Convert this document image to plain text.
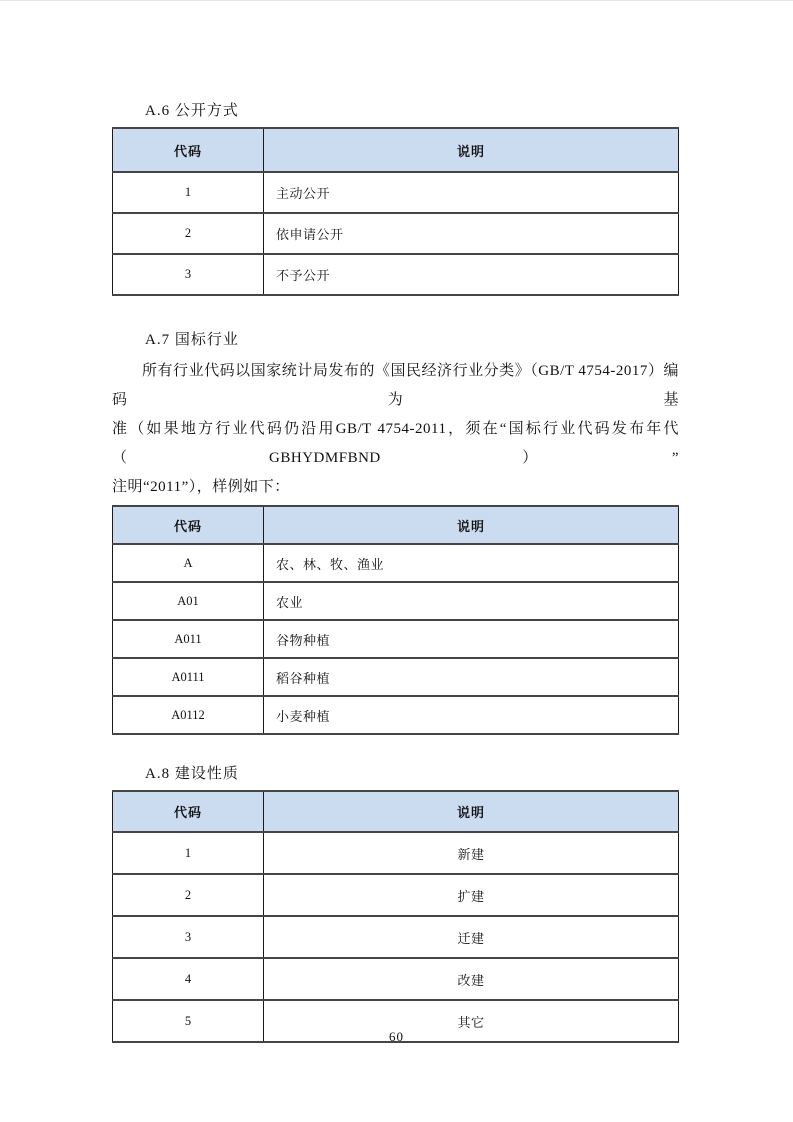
A.6 公开方式
代码	说明
1	主动公开
2	依申请公开
3	不予公开
A.7 国标行业
所有行业代码以国家统计局发布的《国民经济行业分类》（GB/T 4754-2017）编码为基
准（如果地方行业代码仍沿用GB/T 4754-2011，须在“国标行业代码发布年代（GBHYDMFBND）”
注明“2011”），样例如下：
代码	说明
A	农、林、牧、渔业
A01	农业
A011	谷物种植
A0111	稻谷种植
A0112	小麦种植
A.8 建设性质
代码	说明
1	新建
2	扩建
3	迁建
4	改建
5	其它
60
